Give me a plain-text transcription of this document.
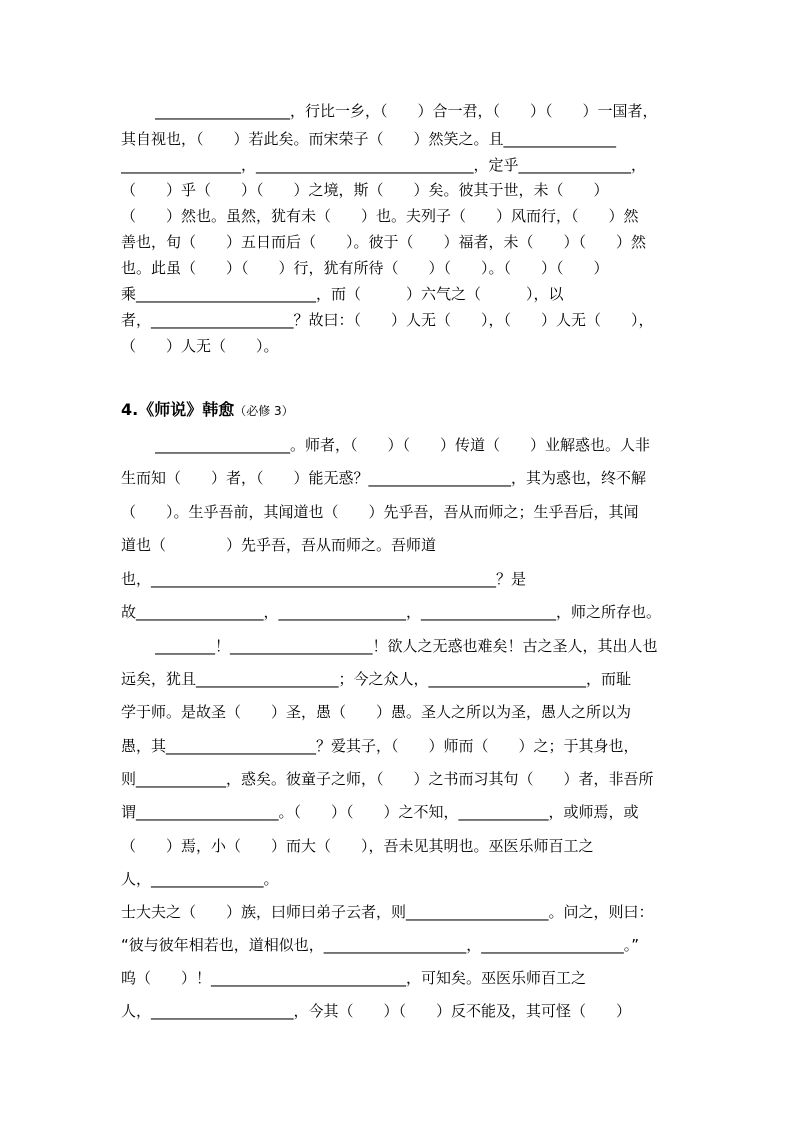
__________________，行比一乡，（　　）合一君，（　　）（　　）一国者，
其自视也，（　　）若此矣。而宋荣子（　　）然笑之。且_______________
________________，_____________________________，定乎_______________，
（　　）乎（　　）（　　）之境，斯（　　）矣。彼其于世，未（　　）
（　　）然也。虽然，犹有未（　　）也。夫列子（　　）风而行，（　　）然
善也，旬（　　）五日而后（　　）。彼于（　　）福者，未（　　）（　　）然
也。此虽（　　）（　　）行，犹有所待（　　）（　　）。（　　）（　　）
乘________________________，而（　　　）六气之（　　　），以
者，___________________？故曰：（　　）人无（　　），（　　）人无（　　），
（　　）人无（　　）。
4.《师说》韩愈（必修 3）
__________________。师者，（　　）（　　）传道（　　）业解惑也。人非
生而知（　　）者，（　　）能无惑？___________________，其为惑也，终不解
（　　）。生乎吾前，其闻道也（　　）先乎吾，吾从而师之；生乎吾后，其闻
道也（　　　　）先乎吾，吾从而师之。吾师道
也，______________________________________________？是
故_________________，_________________，__________________，师之所存也。
________！___________________！欲人之无惑也难矣！古之圣人，其出人也
远矣，犹且___________________；今之众人，_____________________，而耻
学于师。是故圣（　　）圣，愚（　　）愚。圣人之所以为圣，愚人之所以为
愚，其____________________？爱其子，（　　）师而（　　）之；于其身也，
则____________，惑矣。彼童子之师，（　　）之书而习其句（　　）者，非吾所
谓___________________。（　　）（　　）之不知，____________，或师焉，或
（　　）焉，小（　　）而大（　　），吾未见其明也。巫医乐师百工之
人，_______________。
士大夫之（　　）族，曰师曰弟子云者，则___________________。问之，则曰：
“彼与彼年相若也，道相似也，___________________，___________________。”
呜（　　）！__________________________，可知矣。巫医乐师百工之
人，___________________，今其（　　）（　　）反不能及，其可怪（　　）
